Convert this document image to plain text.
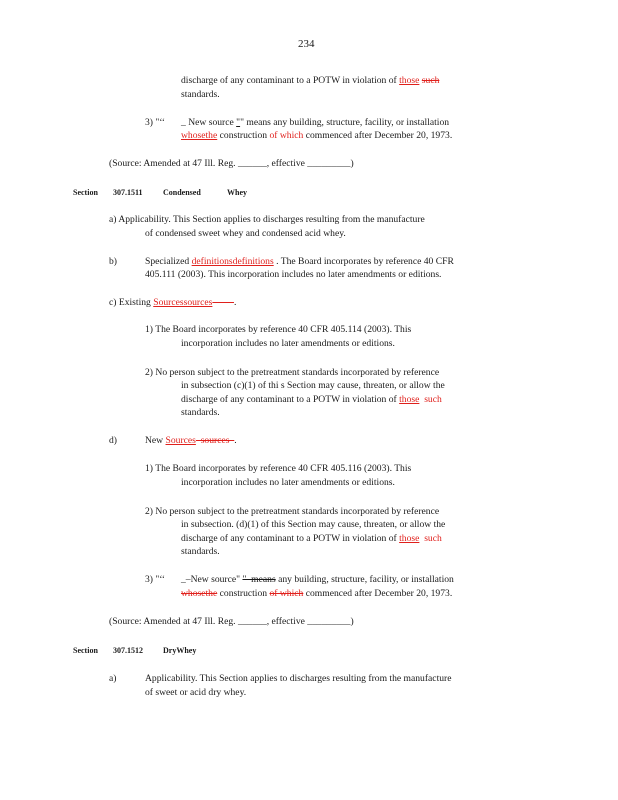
234
discharge of any contaminant to a POTW in violation of those such
standards.
3) "‘‘ _ New source "" means any building, structure, facility, or installation
whosethe construction of which commenced after December 20, 1973.
(Source: Amended at 47 Ill. Reg. ______, effective _________)
Section 307.1511	Condensed	Whey
a) Applicability. This Section applies to discharges resulting from the manufacture
of condensed sweet whey and condensed acid whey.
b)	Specialized definitionsdefinitions . The Board incorporates by reference 40 CFR
405.111 (2003). This incorporation includes no later amendments or editions.
c) Existing Sourcessources .
1) The Board incorporates by reference 40 CFR 405.114 (2003). This
incorporation includes no later amendments or editions.
2) No person subject to the pretreatment standards incorporated by reference
in subsection (c)(1) of thi s Section may cause, threaten, or allow the
discharge of any contaminant to a POTW in violation of those  such
standards.
d)	New Sources  sources  .
1) The Board incorporates by reference 40 CFR 405.116 (2003). This
incorporation includes no later amendments or editions.
2) No person subject to the pretreatment standards incorporated by reference
in subsection. (d)(1) of this Section may cause, threaten, or allow the
discharge of any contaminant to a POTW in violation of those  such
standards.
3) "‘‘ _–New source" "–means any building, structure, facility, or installation
whosethe construction of which commenced after December 20, 1973.
(Source: Amended at 47 Ill. Reg. ______, effective _________)
Section 307.1512	DryWhey
a)	Applicability. This Section applies to discharges resulting from the manufacture
of sweet or acid dry whey.
